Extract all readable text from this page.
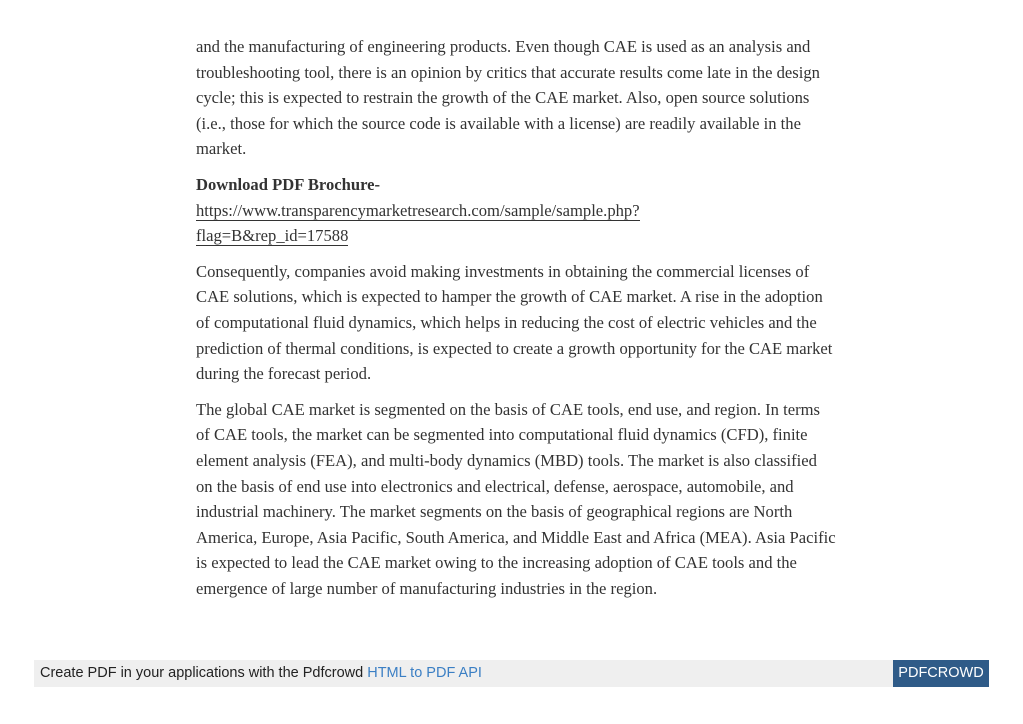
and the manufacturing of engineering products. Even though CAE is used as an analysis and troubleshooting tool, there is an opinion by critics that accurate results come late in the design cycle; this is expected to restrain the growth of the CAE market. Also, open source solutions (i.e., those for which the source code is available with a license) are readily available in the market.

Download PDF Brochure-
https://www.transparencymarketresearch.com/sample/sample.php?
flag=B&rep_id=17588

Consequently, companies avoid making investments in obtaining the commercial licenses of CAE solutions, which is expected to hamper the growth of CAE market. A rise in the adoption of computational fluid dynamics, which helps in reducing the cost of electric vehicles and the prediction of thermal conditions, is expected to create a growth opportunity for the CAE market during the forecast period.

The global CAE market is segmented on the basis of CAE tools, end use, and region. In terms of CAE tools, the market can be segmented into computational fluid dynamics (CFD), finite element analysis (FEA), and multi-body dynamics (MBD) tools. The market is also classified on the basis of end use into electronics and electrical, defense, aerospace, automobile, and industrial machinery. The market segments on the basis of geographical regions are North America, Europe, Asia Pacific, South America, and Middle East and Africa (MEA). Asia Pacific is expected to lead the CAE market owing to the increasing adoption of CAE tools and the emergence of large number of manufacturing industries in the region.

Create PDF in your applications with the Pdfcrowd HTML to PDF API	PDFCROWD
